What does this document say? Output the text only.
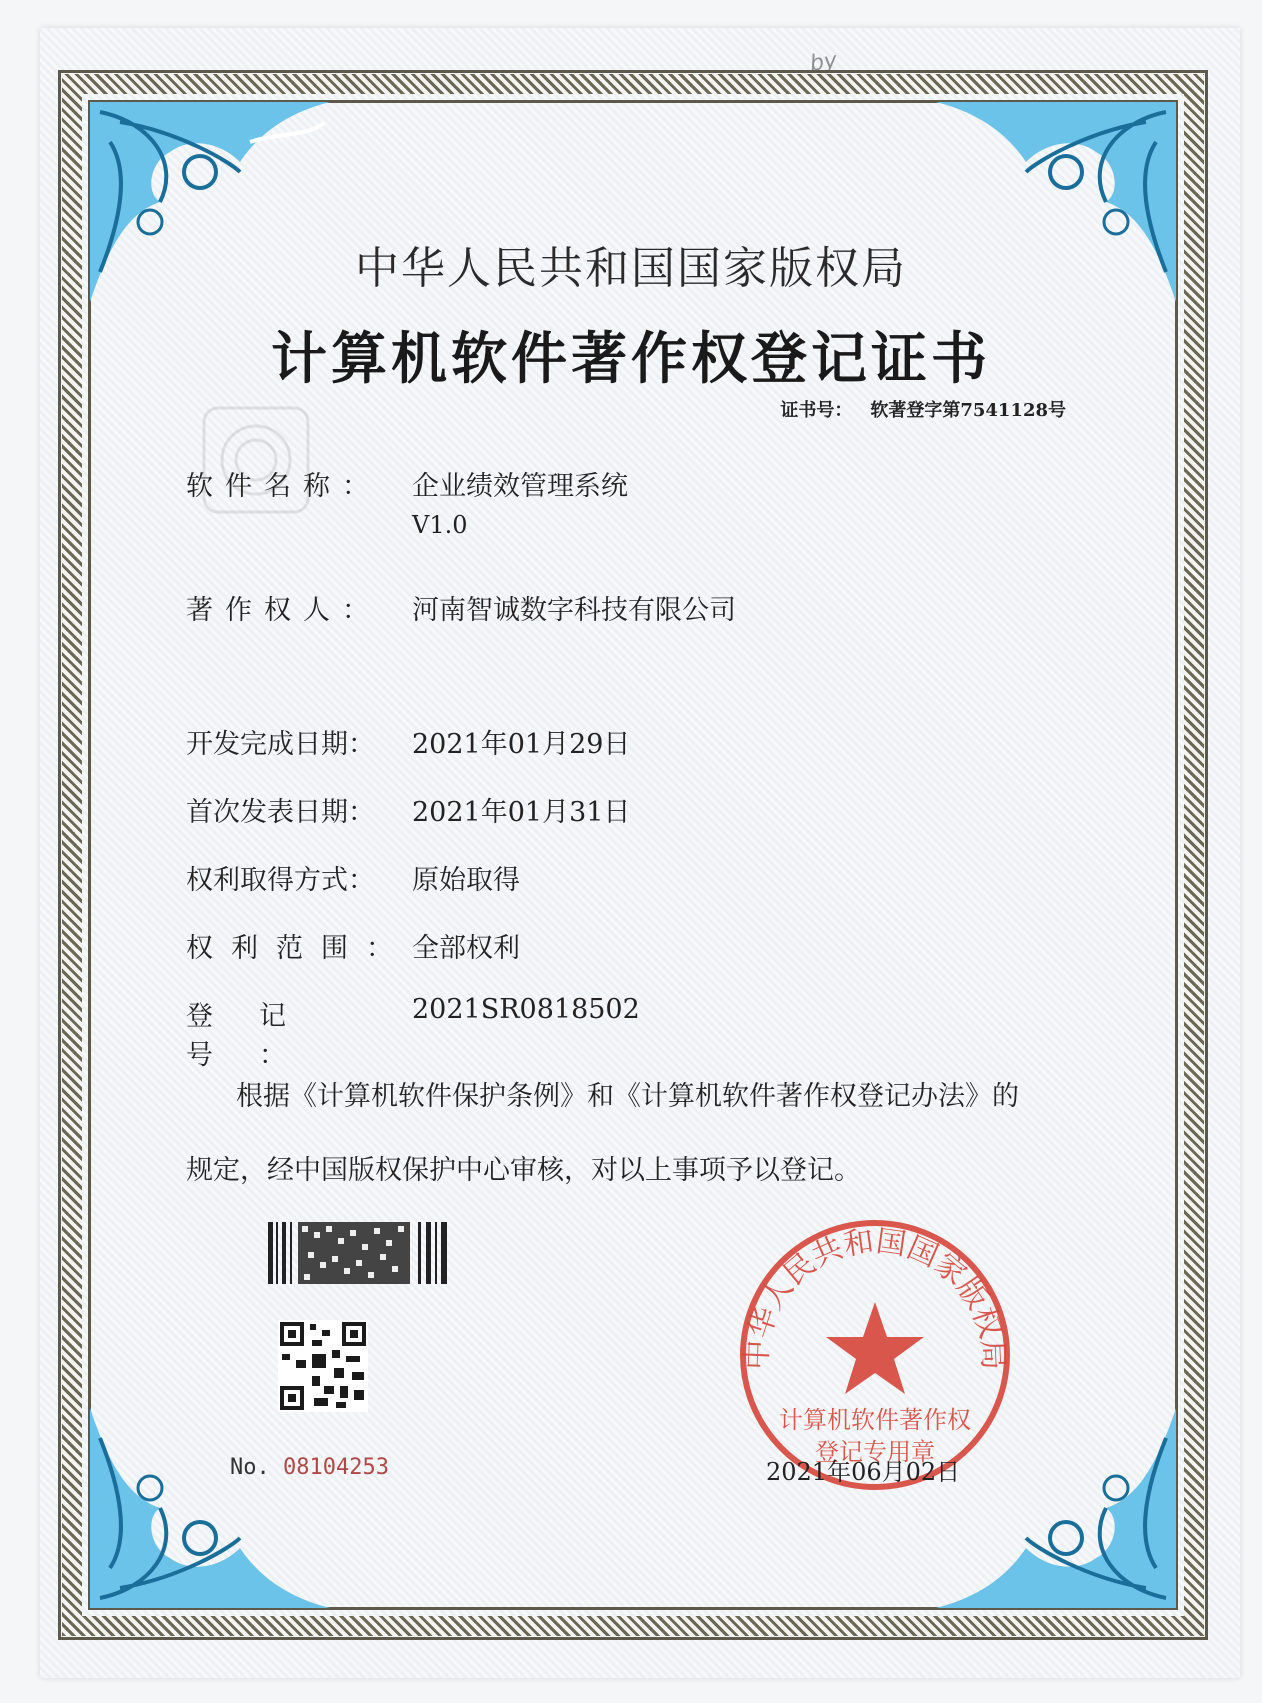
by
中华人民共和国国家版权局
计算机软件著作权登记证书
证书号： 软著登字第7541128号
软件名称：	企业绩效管理系统
V1.0
著作权人：	河南智诚数字科技有限公司
开发完成日期：	2021年01月29日
首次发表日期：	2021年01月31日
权利取得方式：	原始取得
权利范围： 全部权利
登记号：
2021SR0818502
根据《计算机软件保护条例》和《计算机软件著作权登记办法》的
规定，经中国版权保护中心审核，对以上事项予以登记。
No. 08104253
中华人民共和国国家版权局
计算机软件著作权
登记专用章
2021年06月02日
